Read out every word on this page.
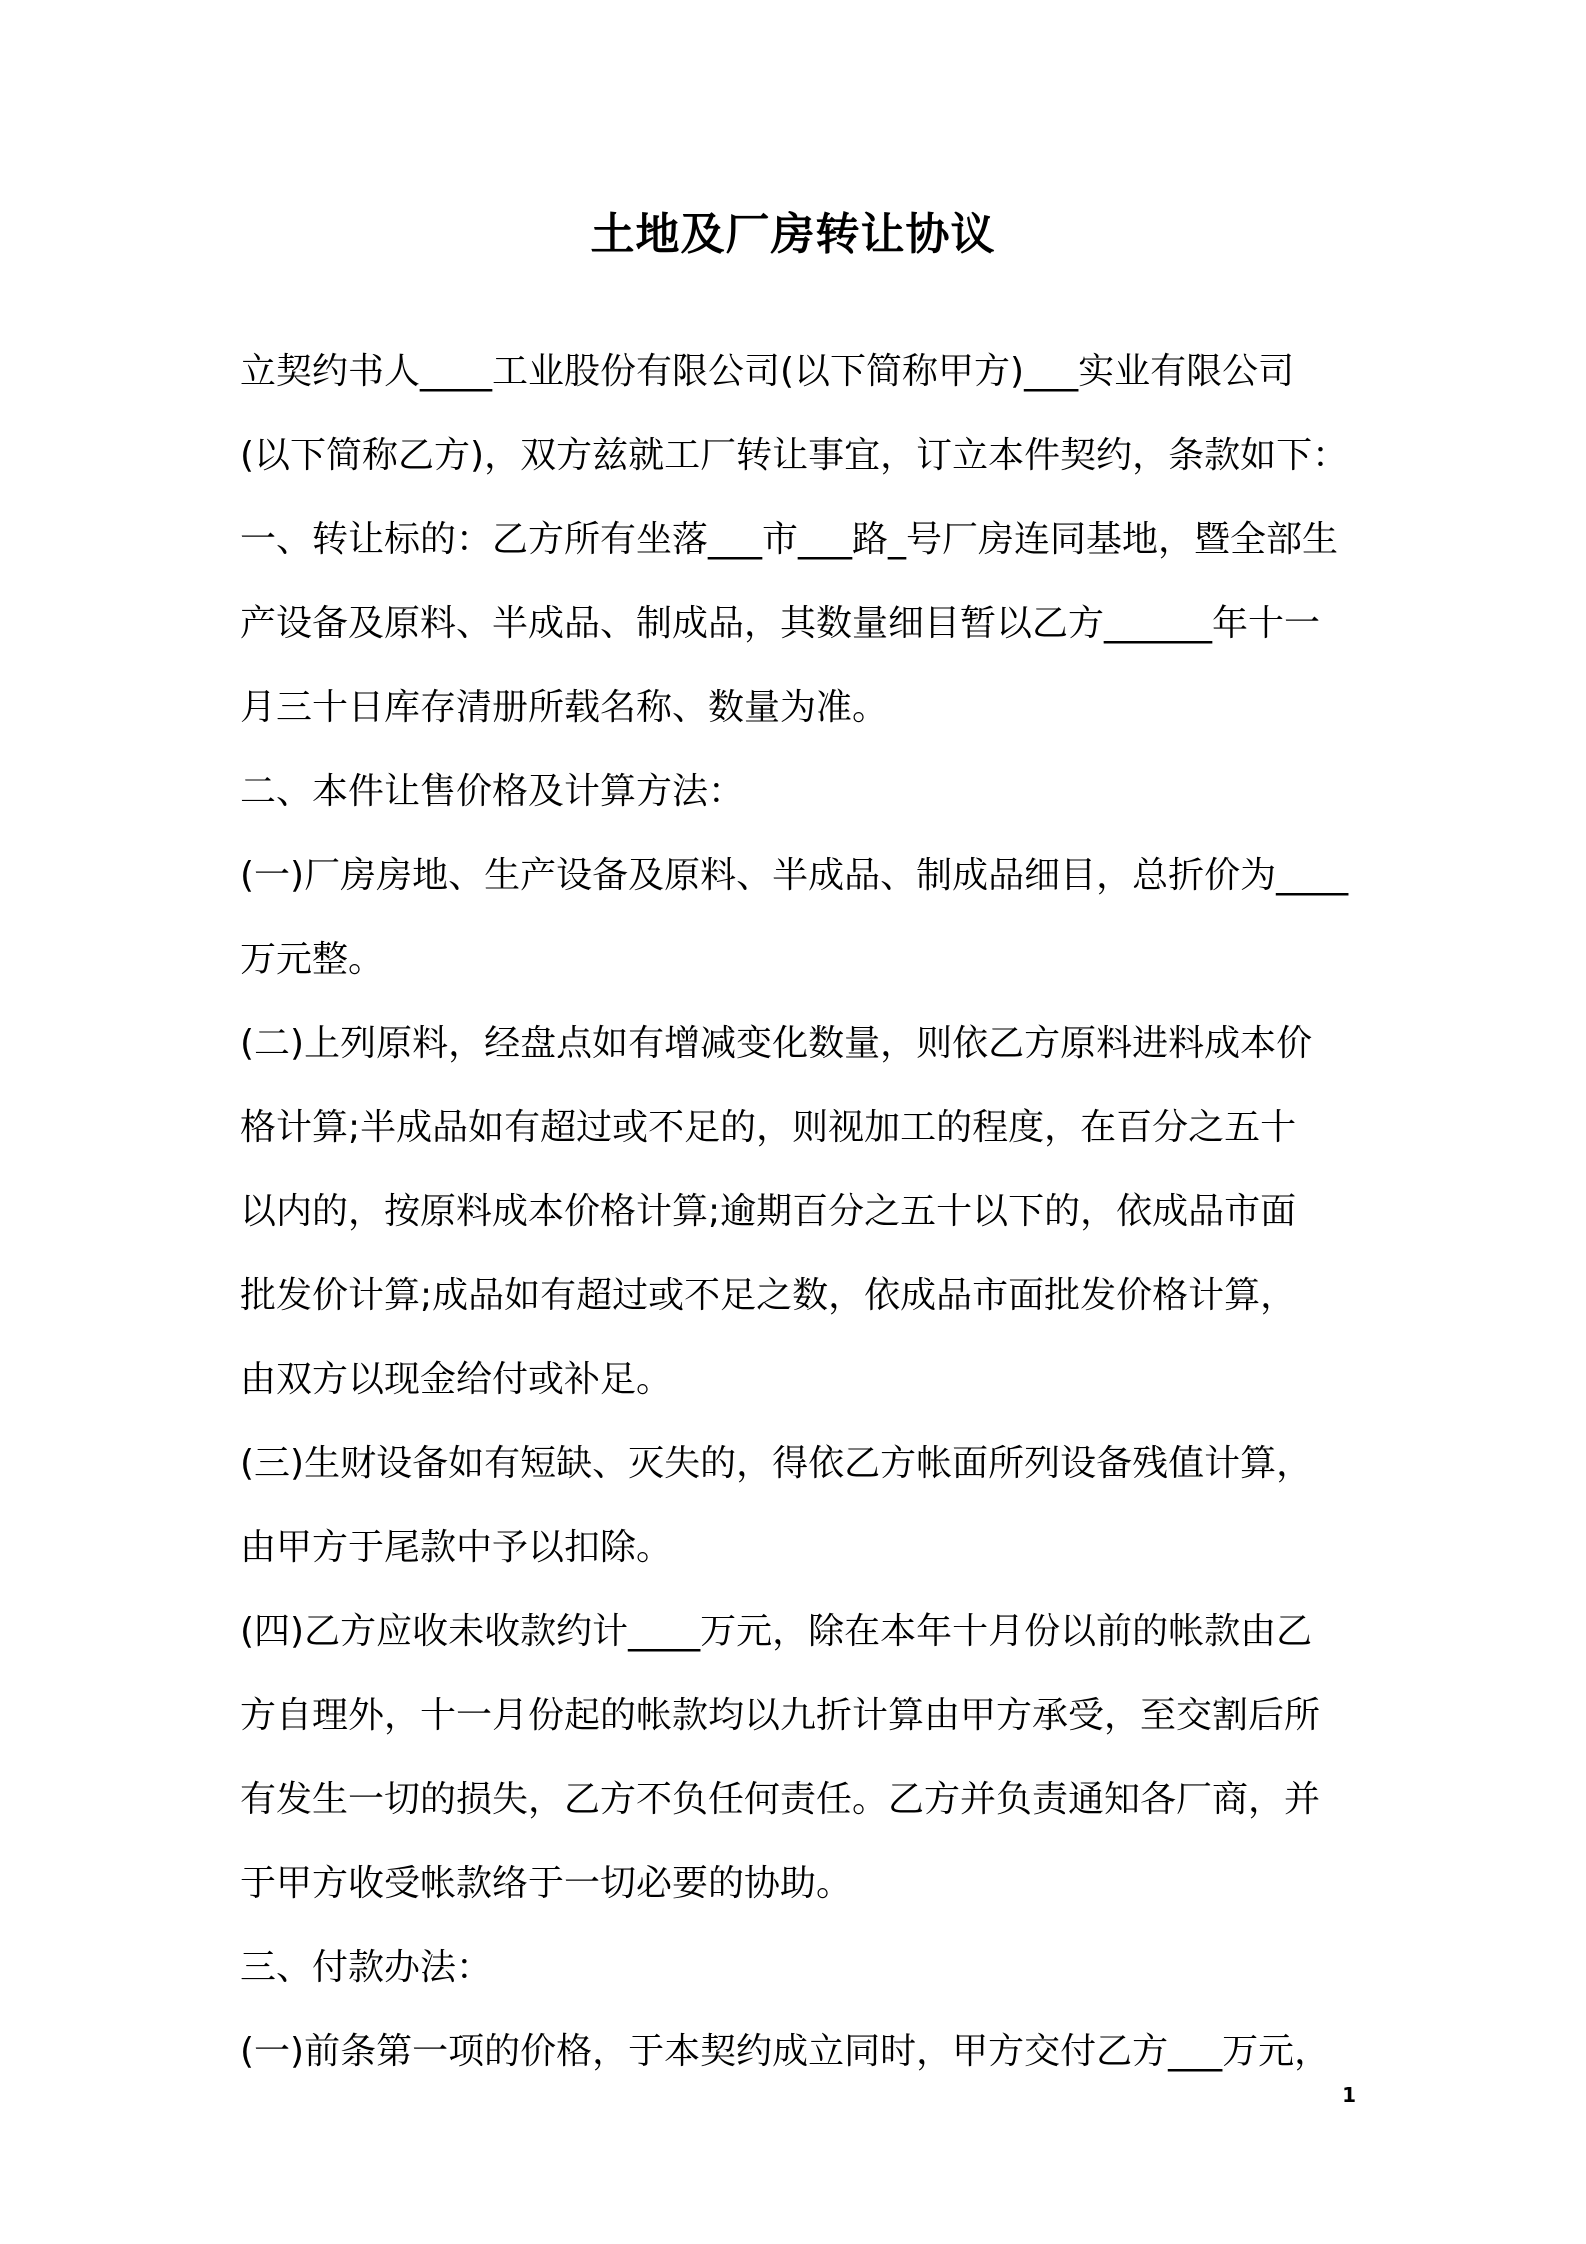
土地及厂房转让协议
立契约书人____工业股份有限公司(以下简称甲方)___实业有限公司
(以下简称乙方)，双方兹就工厂转让事宜，订立本件契约，条款如下：
一、转让标的：乙方所有坐落___市___路_号厂房连同基地，暨全部生
产设备及原料、半成品、制成品，其数量细目暂以乙方______年十一
月三十日库存清册所载名称、数量为准。
二、本件让售价格及计算方法：
(一)厂房房地、生产设备及原料、半成品、制成品细目，总折价为____
万元整。
(二)上列原料，经盘点如有增减变化数量，则依乙方原料进料成本价
格计算;半成品如有超过或不足的，则视加工的程度，在百分之五十
以内的，按原料成本价格计算;逾期百分之五十以下的，依成品市面
批发价计算;成品如有超过或不足之数，依成品市面批发价格计算，
由双方以现金给付或补足。
(三)生财设备如有短缺、灭失的，得依乙方帐面所列设备残值计算，
由甲方于尾款中予以扣除。
(四)乙方应收未收款约计____万元，除在本年十月份以前的帐款由乙
方自理外，十一月份起的帐款均以九折计算由甲方承受，至交割后所
有发生一切的损失，乙方不负任何责任。乙方并负责通知各厂商，并
于甲方收受帐款络于一切必要的协助。
三、付款办法：
(一)前条第一项的价格，于本契约成立同时，甲方交付乙方___万元，
1
